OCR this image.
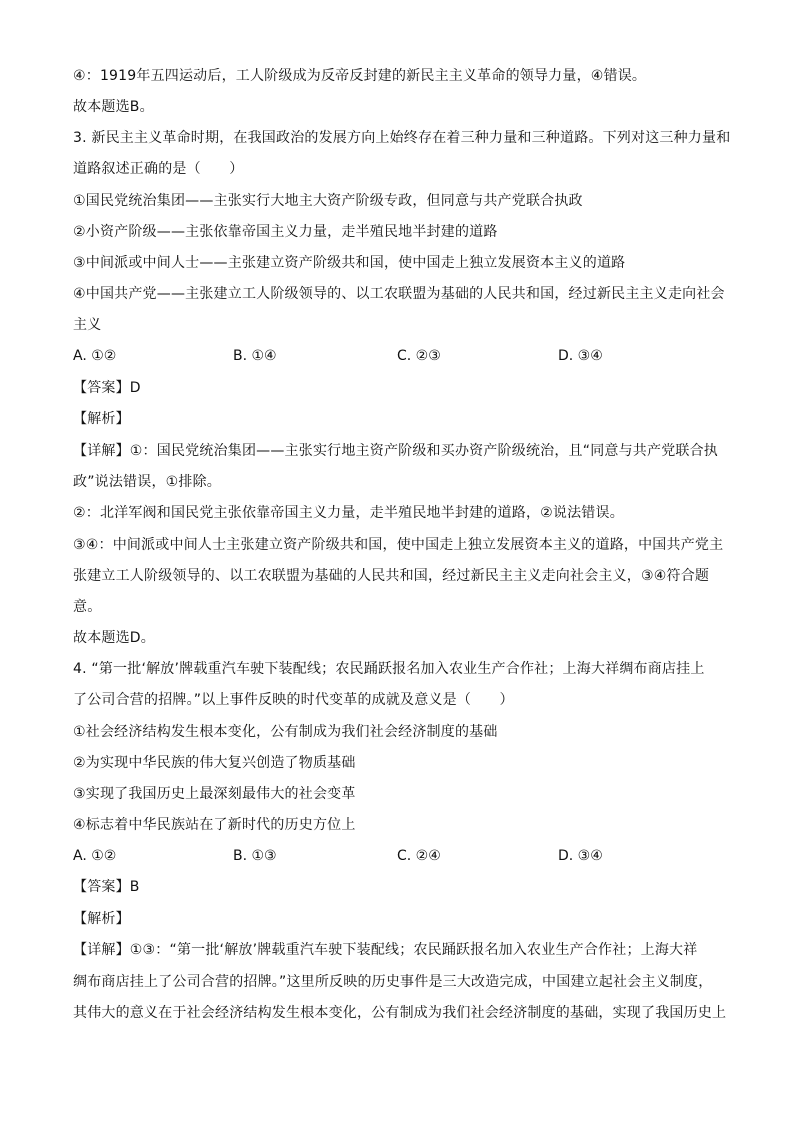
④：1919年五四运动后，工人阶级成为反帝反封建的新民主主义革命的领导力量，④错误。
故本题选B。
3. 新民主主义革命时期，在我国政治的发展方向上始终存在着三种力量和三种道路。下列对这三种力量和
道路叙述正确的是（　　）
①国民党统治集团——主张实行大地主大资产阶级专政，但同意与共产党联合执政
②小资产阶级——主张依靠帝国主义力量，走半殖民地半封建的道路
③中间派或中间人士——主张建立资产阶级共和国，使中国走上独立发展资本主义的道路
④中国共产党——主张建立工人阶级领导的、以工农联盟为基础的人民共和国，经过新民主主义走向社会
主义
A. ①②	B. ①④	C. ②③	D. ③④
【答案】D
【解析】
【详解】①：国民党统治集团——主张实行地主资产阶级和买办资产阶级统治，且“同意与共产党联合执
政”说法错误，①排除。
②：北洋军阀和国民党主张依靠帝国主义力量，走半殖民地半封建的道路，②说法错误。
③④：中间派或中间人士主张建立资产阶级共和国，使中国走上独立发展资本主义的道路，中国共产党主
张建立工人阶级领导的、以工农联盟为基础的人民共和国，经过新民主主义走向社会主义，③④符合题
意。
故本题选D。
4. “第一批‘解放’牌载重汽车驶下装配线；农民踊跃报名加入农业生产合作社；上海大祥绸布商店挂上
了公司合营的招牌。”以上事件反映的时代变革的成就及意义是（　　）
①社会经济结构发生根本变化，公有制成为我们社会经济制度的基础
②为实现中华民族的伟大复兴创造了物质基础
③实现了我国历史上最深刻最伟大的社会变革
④标志着中华民族站在了新时代的历史方位上
A. ①②	B. ①③	C. ②④	D. ③④
【答案】B
【解析】
【详解】①③：“第一批‘解放’牌载重汽车驶下装配线；农民踊跃报名加入农业生产合作社；上海大祥
绸布商店挂上了公司合营的招牌。”这里所反映的历史事件是三大改造完成，中国建立起社会主义制度，
其伟大的意义在于社会经济结构发生根本变化，公有制成为我们社会经济制度的基础，实现了我国历史上
